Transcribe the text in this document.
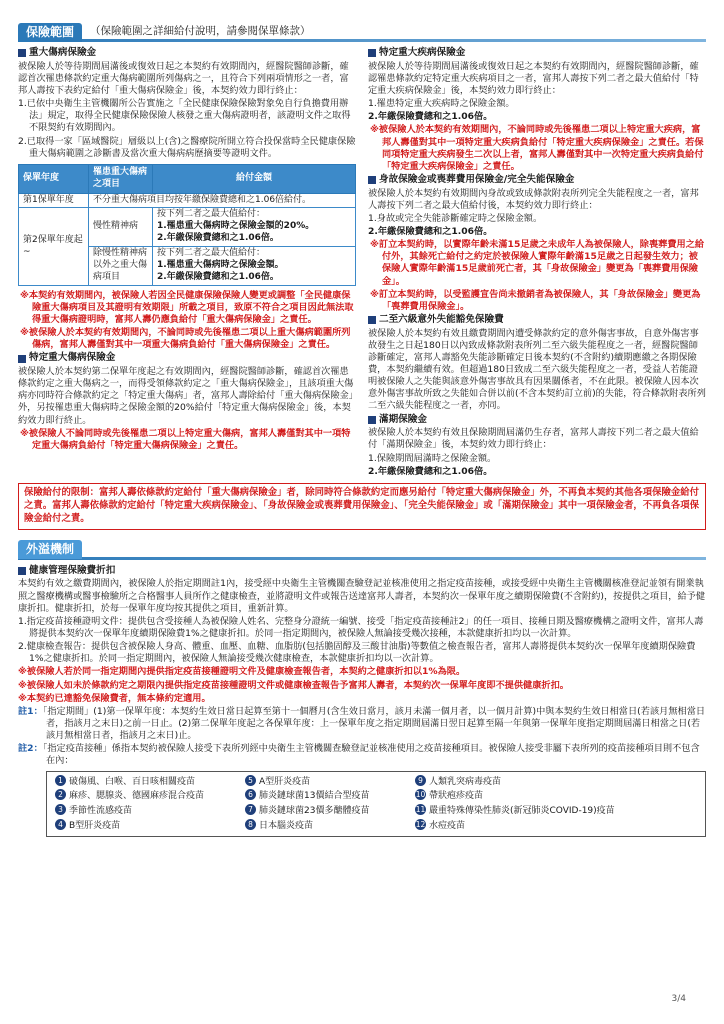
保險範圍	（保險範圍之詳細給付說明，請參閱保單條款）
重大傷病保險金

被保險人於等待期間屆滿後或復效日起之本契約有效期間內，經醫院醫師診斷，確認首次罹患條款約定重大傷病範圍所列傷病之一，且符合下列兩項情形之一者，富邦人壽按下表約定給付「重大傷病保險金」後，本契約效力即行終止：

1.已依中央衛生主管機關所公告實施之「全民健康保險保險對象免自行負擔費用辦法」規定，取得全民健康保險保險人核發之重大傷病證明者，該證明文件之取得不限契約有效期間內。

2.已取得一家「區域醫院」層級以上(含)之醫療院所開立符合投保當時全民健康保險重大傷病範圍之診斷書及當次重大傷病病歷摘要等證明文件。

保單年度	罹患重大傷病之項目	給付金額
第1保單年度	不分重大傷病項目均按年繳保險費總和之1.06倍給付。	
第2保單年度起~	慢性精神病	按下列二者之最大值給付：
1.罹患重大傷病時之保險金額的20%。
2.年繳保險費總和之1.06倍。

	除慢性精神病以外之重大傷病項目	按下列二者之最大值給付：
1.罹患重大傷病時之保險金額。
2.年繳保險費總和之1.06倍。

※本契約有效期間內，被保險人若因全民健康保險保險人變更或調整「全民健康保險重大傷病項目及其證明有效期限」所載之項目，致原不符合之項目因此無法取得重大傷病證明時，富邦人壽仍應負給付「重大傷病保險金」之責任。

※被保險人於本契約有效期間內，不論同時或先後罹患二項以上重大傷病範圍所列傷病，富邦人壽僅對其中一項重大傷病負給付「重大傷病保險金」之責任。

特定重大傷病保險金

被保險人於本契約第二保單年度起之有效期間內，經醫院醫師診斷，確認首次罹患條款約定之重大傷病之一，而得受領條款約定之「重大傷病保險金」，且該項重大傷病亦同時符合條款約定之「特定重大傷病」者，富邦人壽除給付「重大傷病保險金」外，另按罹患重大傷病時之保險金額的20%給付「特定重大傷病保險金」後，本契約效力即行終止。

※被保險人不論同時或先後罹患二項以上特定重大傷病，富邦人壽僅對其中一項特定重大傷病負給付「特定重大傷病保險金」之責任。

特定重大疾病保險金

被保險人於等待期間屆滿後或復效日起之本契約有效期間內，經醫院醫師診斷，確認罹患條款約定特定重大疾病項目之一者，富邦人壽按下列二者之最大值給付「特定重大疾病保險金」後，本契約效力即行終止：

1.罹患特定重大疾病時之保險金額。

2.年繳保險費總和之1.06倍。

※被保險人於本契約有效期間內，不論同時或先後罹患二項以上特定重大疾病，富邦人壽僅對其中一項特定重大疾病負給付「特定重大疾病保險金」之責任。若保同項特定重大疾病發生二次以上者，富邦人壽僅對其中一次特定重大疾病負給付「特定重大疾病保險金」之責任。

身故保險金或喪葬費用保險金/完全失能保險金

被保險人於本契約有效期間內身故或致成條款附表所列完全失能程度之一者，富邦人壽按下列二者之最大值給付後，本契約效力即行終止：

1.身故或完全失能診斷確定時之保險金額。

2.年繳保險費總和之1.06倍。

※訂立本契約時，以實際年齡未滿15足歲之未成年人為被保險人，除喪葬費用之給付外，其餘死亡給付之約定於被保險人實際年齡滿15足歲之日起發生效力；被保險人實際年齡滿15足歲前死亡者，其「身故保險金」變更為「喪葬費用保險金」。

※訂立本契約時，以受監護宣告尚未撤銷者為被保險人，其「身故保險金」變更為「喪葬費用保險金」。

二至六級意外失能豁免保險費

被保險人於本契約有效且繳費期間內遭受條款約定的意外傷害事故，自意外傷害事故發生之日起180日以內致成條款附表所列二至六級失能程度之一者，經醫院醫師診斷確定，富邦人壽豁免失能診斷確定日後本契約(不含附約)續期應繳之各期保險費，本契約繼續有效。但超過180日致成二至六級失能程度之一者，受益人若能證明被保險人之失能與該意外傷害事故具有因果關係者，不在此限。被保險人因本次意外傷害事故所致之失能如合併以前(不含本契約訂立前)的失能，符合條款附表所列二至六級失能程度之一者，亦同。

滿期保險金

被保險人於本契約有效且保險期間屆滿仍生存者，富邦人壽按下列二者之最大值給付「滿期保險金」後，本契約效力即行終止：

1.保險期間屆滿時之保險金額。

2.年繳保險費總和之1.06倍。

保險給付的限制：富邦人壽依條款約定給付「重大傷病保險金」者，除同時符合條款約定而應另給付「特定重大傷病保險金」外，不再負本契約其他各項保險金給付之責。富邦人壽依條款約定給付「特定重大疾病保險金」、「身故保險金或喪葬費用保險金」、「完全失能保險金」或「滿期保險金」其中一項保險金者，不再負各項保險金給付之責。
外溢機制
健康管理保險費折扣

本契約有效之繳費期間內，被保險人於指定期間註1內，接受經中央衛生主管機關查驗登記並核准使用之指定疫苗接種，或接受經中央衛生主管機關核准登記並領有開業執照之醫療機構或醫事檢驗所之合格醫事人員所作之健康檢查，並將證明文件或報告送達富邦人壽者，本契約次一保單年度之續期保險費(不含附約)，按提供之項目，給予健康折扣。健康折扣，於每一保單年度均按其提供之項目，重新計算。

1.指定疫苗接種證明文件：提供包含受接種人為被保險人姓名、完整身分證統一編號、接受「指定疫苗接種註2」的任一項目、接種日期及醫療機構之證明文件，富邦人壽將提供本契約次一保單年度續期保險費1%之健康折扣。於同一指定期間內，被保險人無論接受幾次接種，本款健康折扣均以一次計算。

2.健康檢查報告：提供包含被保險人身高、體重、血壓、血糖、血脂肪(包括膽固醇及三酸甘油脂)等數值之檢查報告者，富邦人壽將提供本契約次一保單年度續期保險費1%之健康折扣。於同一指定期間內，被保險人無論接受幾次健康檢查，本款健康折扣均以一次計算。

※被保險人若於同一指定期間內提供指定疫苗接種證明文件及健康檢查報告者，本契約之健康折扣以1%為限。

※被保險人如未於條款約定之期限內提供指定疫苗接種證明文件或健康檢查報告予富邦人壽者，本契約次一保單年度即不提供健康折扣。

※本契約已達豁免保險費者，無本條約定適用。

註1：「指定期間」(1)第一保單年度：本契約生效日當日起算至第十一個曆月(含生效日當月，該月未滿一個月者，以一個月計算)中與本契約生效日相當日(若該月無相當日者，指該月之末日)之前一日止。(2)第二保單年度起之各保單年度：上一保單年度之指定期間屆滿日翌日起算至隔一年與第一保單年度指定期間屆滿日相當之日(若該月無相當日者，指該月之末日)止。

註2：「指定疫苗接種」係指本契約被保險人接受下表所列經中央衛生主管機關查驗登記並核准使用之疫苗接種項目。被保險人接受非屬下表所列的疫苗接種項目則不包含在內：

1 破傷風、白喉、百日咳相關疫苗	5 A型肝炎疫苗	9 人類乳突病毒疫苗
2 麻疹、腮腺炎、德國麻疹混合疫苗	6 肺炎鏈球菌13價結合型疫苗	10 帶狀疱疹疫苗
3 季節性流感疫苗	7 肺炎鏈球菌23價多醣體疫苗	11 嚴重特殊傳染性肺炎(新冠肺炎COVID-19)疫苗
4 B型肝炎疫苗	8 日本腦炎疫苗	12 水痘疫苗
3/4
